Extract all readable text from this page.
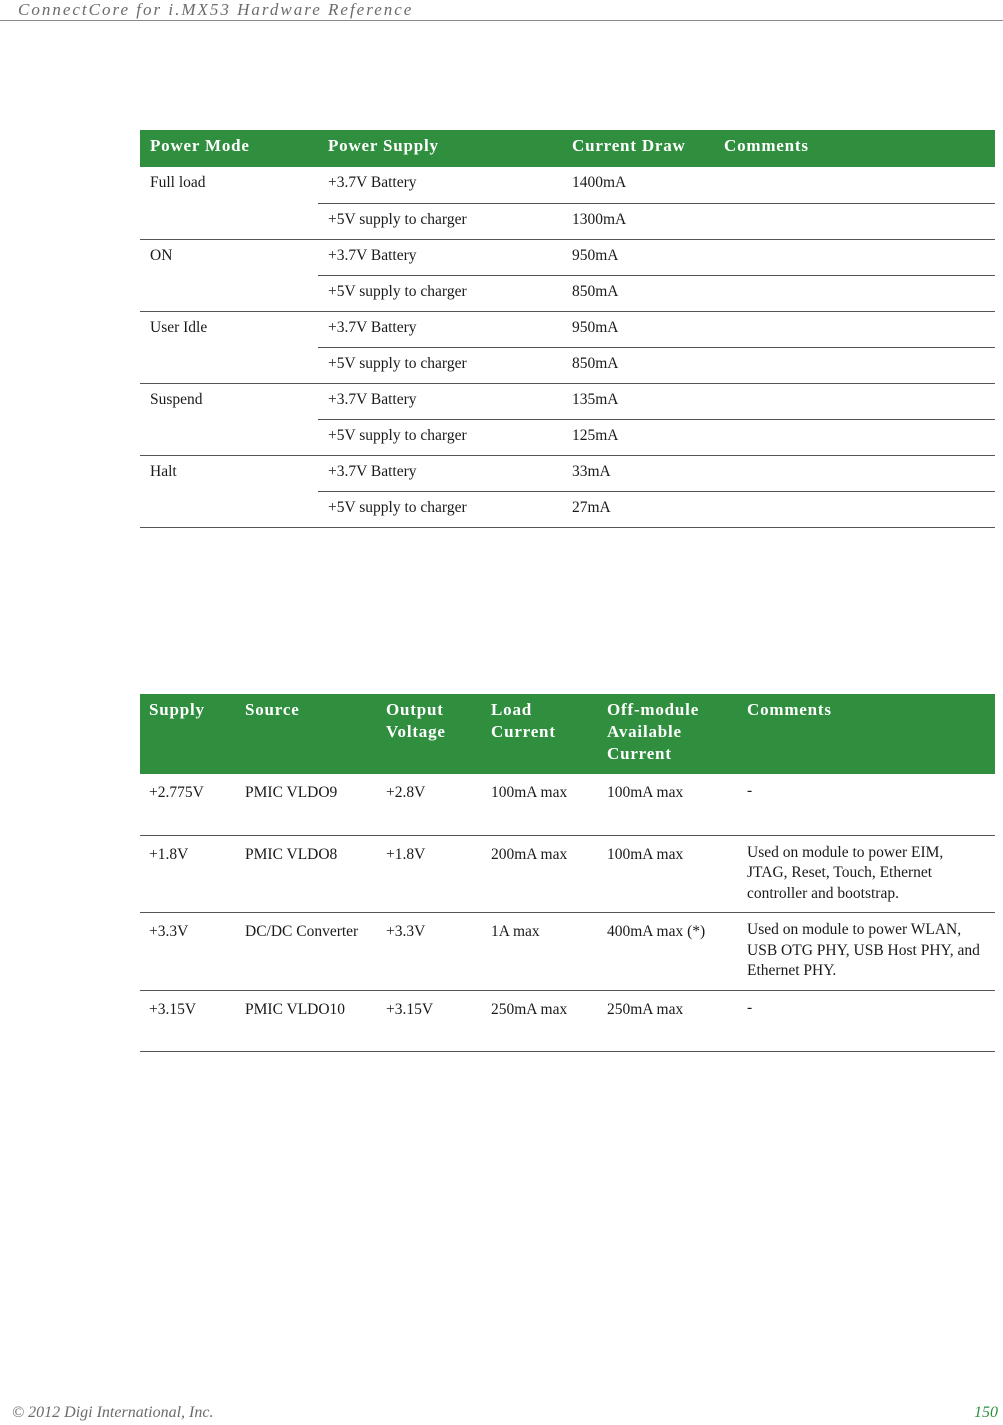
ConnectCore for i.MX53 Hardware Reference
Power Mode	Power Supply	Current Draw	Comments
Full load	+3.7V Battery	1400mA	
	+5V supply to charger	1300mA	
ON	+3.7V Battery	950mA	
	+5V supply to charger	850mA	
User Idle	+3.7V Battery	950mA	
	+5V supply to charger	850mA	
Suspend	+3.7V Battery	135mA	
	+5V supply to charger	125mA	
Halt	+3.7V Battery	33mA	
	+5V supply to charger	27mA	
Supply	Source	Output Voltage	Load Current	Off-module Available Current	Comments
+2.775V	PMIC VLDO9	+2.8V	100mA max	100mA max	-
+1.8V	PMIC VLDO8	+1.8V	200mA max	100mA max	Used on module to power EIM, JTAG, Reset, Touch, Ethernet controller and bootstrap.
+3.3V	DC/DC Converter	+3.3V	1A max	400mA max (*)	Used on module to power WLAN, USB OTG PHY, USB Host PHY, and Ethernet PHY.
+3.15V	PMIC VLDO10	+3.15V	250mA max	250mA max	-
© 2012 Digi International, Inc.	150
